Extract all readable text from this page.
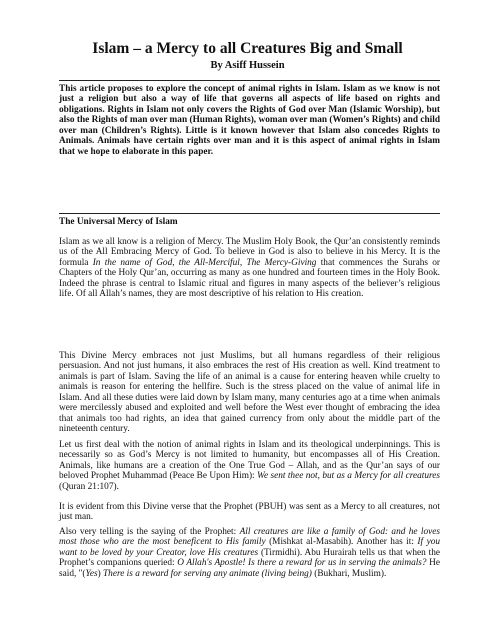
Islam – a Mercy to all Creatures Big and Small
By Asiff Hussein
This article proposes to explore the concept of animal rights in Islam. Islam as we know is not just a religion but also a way of life that governs all aspects of life based on rights and obligations. Rights in Islam not only covers the Rights of God over Man (Islamic Worship), but also the Rights of man over man (Human Rights), woman over man (Women’s Rights) and child over man (Children’s Rights). Little is it known however that Islam also concedes Rights to Animals. Animals have certain rights over man and it is this aspect of animal rights in Islam that we hope to elaborate in this paper.
The Universal Mercy of Islam
Islam as we all know is a religion of Mercy. The Muslim Holy Book, the Qur’an consistently reminds us of the All Embracing Mercy of God. To believe in God is also to believe in his Mercy. It is the formula In the name of God, the All-Merciful, The Mercy-Giving that commences the Surahs or Chapters of the Holy Qur’an, occurring as many as one hundred and fourteen times in the Holy Book. Indeed the phrase is central to Islamic ritual and figures in many aspects of the believer’s religious life. Of all Allah’s names, they are most descriptive of his relation to His creation.
This Divine Mercy embraces not just Muslims, but all humans regardless of their religious persuasion. And not just humans, it also embraces the rest of His creation as well. Kind treatment to animals is part of Islam. Saving the life of an animal is a cause for entering heaven while cruelty to animals is reason for entering the hellfire. Such is the stress placed on the value of animal life in Islam. And all these duties were laid down by Islam many, many centuries ago at a time when animals were mercilessly abused and exploited and well before the West ever thought of embracing the idea that animals too had rights, an idea that gained currency from only about the middle part of the nineteenth century.
Let us first deal with the notion of animal rights in Islam and its theological underpinnings. This is necessarily so as God’s Mercy is not limited to humanity, but encompasses all of His Creation. Animals, like humans are a creation of the One True God – Allah, and as the Qur’an says of our beloved Prophet Muhammad (Peace Be Upon Him): We sent thee not, but as a Mercy for all creatures (Quran 21:107).
It is evident from this Divine verse that the Prophet (PBUH) was sent as a Mercy to all creatures, not just man.
Also very telling is the saying of the Prophet: All creatures are like a family of God: and he loves most those who are the most beneficent to His family (Mishkat al-Masabih). Another has it: If you want to be loved by your Creator, love His creatures (Tirmidhi). Abu Hurairah tells us that when the Prophet’s companions queried: O Allah's Apostle! Is there a reward for us in serving the animals? He said, "(Yes) There is a reward for serving any animate (living being) (Bukhari, Muslim).
